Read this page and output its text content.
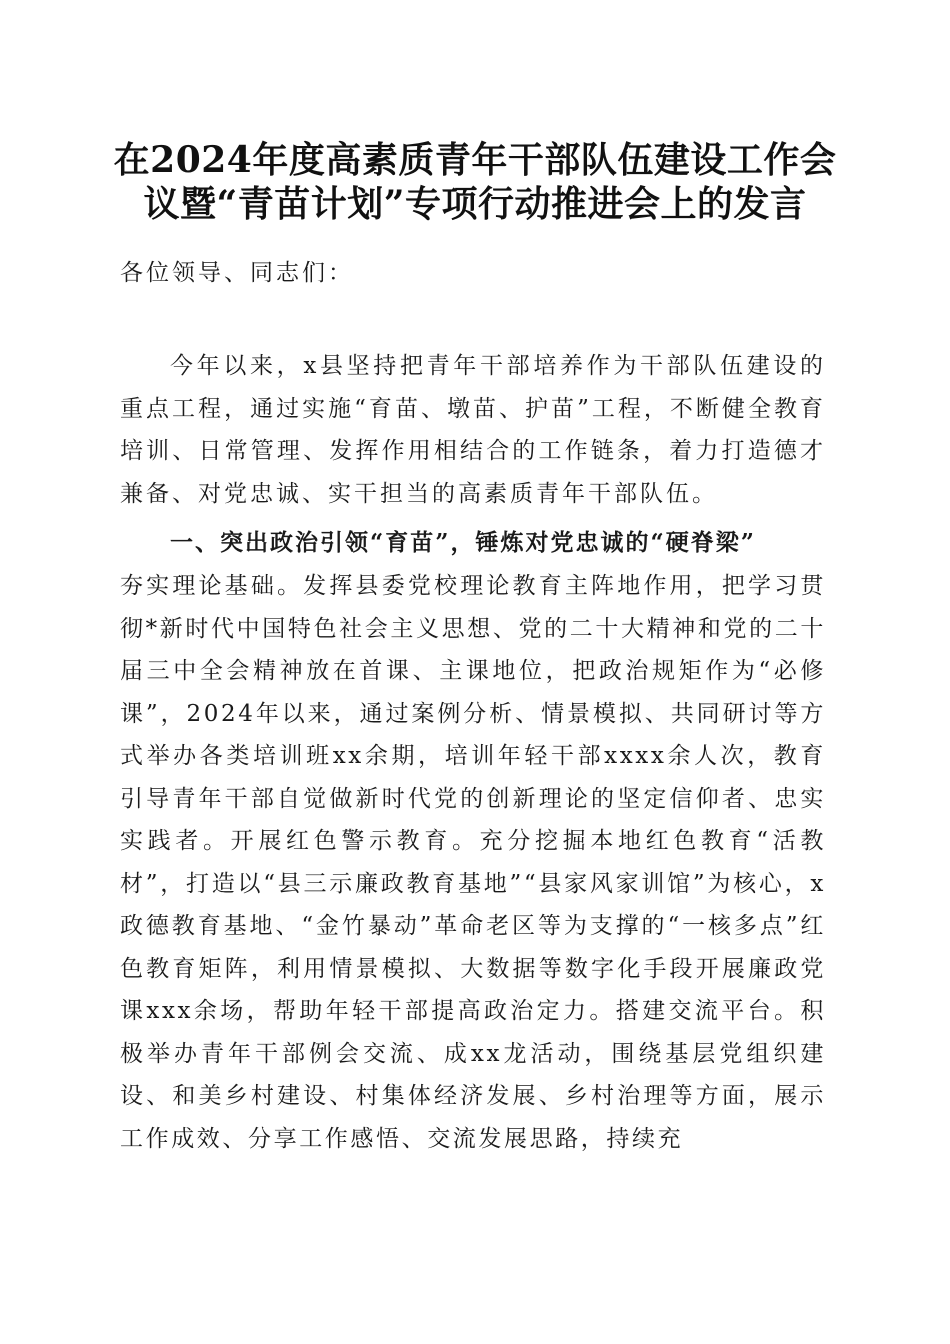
在2024年度高素质青年干部队伍建设工作会
议暨“青苗计划”专项行动推进会上的发言

各位领导、同志们：

今年以来，x县坚持把青年干部培养作为干部队伍建设的重点工程，通过实施“育苗、墩苗、护苗”工程，不断健全教育培训、日常管理、发挥作用相结合的工作链条，着力打造德才兼备、对党忠诚、实干担当的高素质青年干部队伍。

一、突出政治引领“育苗”，锤炼对党忠诚的“硬脊梁”

夯实理论基础。发挥县委党校理论教育主阵地作用，把学习贯彻*新时代中国特色社会主义思想、党的二十大精神和党的二十届三中全会精神放在首课、主课地位，把政治规矩作为“必修课”，2024年以来，通过案例分析、情景模拟、共同研讨等方式举办各类培训班xx余期，培训年轻干部xxxx余人次，教育引导青年干部自觉做新时代党的创新理论的坚定信仰者、忠实实践者。开展红色警示教育。充分挖掘本地红色教育“活教材”，打造以“县三示廉政教育基地”“县家风家训馆”为核心，x政德教育基地、“金竹暴动”革命老区等为支撑的“一核多点”红色教育矩阵，利用情景模拟、大数据等数字化手段开展廉政党课xxx余场，帮助年轻干部提高政治定力。搭建交流平台。积极举办青年干部例会交流、成xx龙活动，围绕基层党组织建设、和美乡村建设、村集体经济发展、乡村治理等方面，展示工作成效、分享工作感悟、交流发展思路，持续充
